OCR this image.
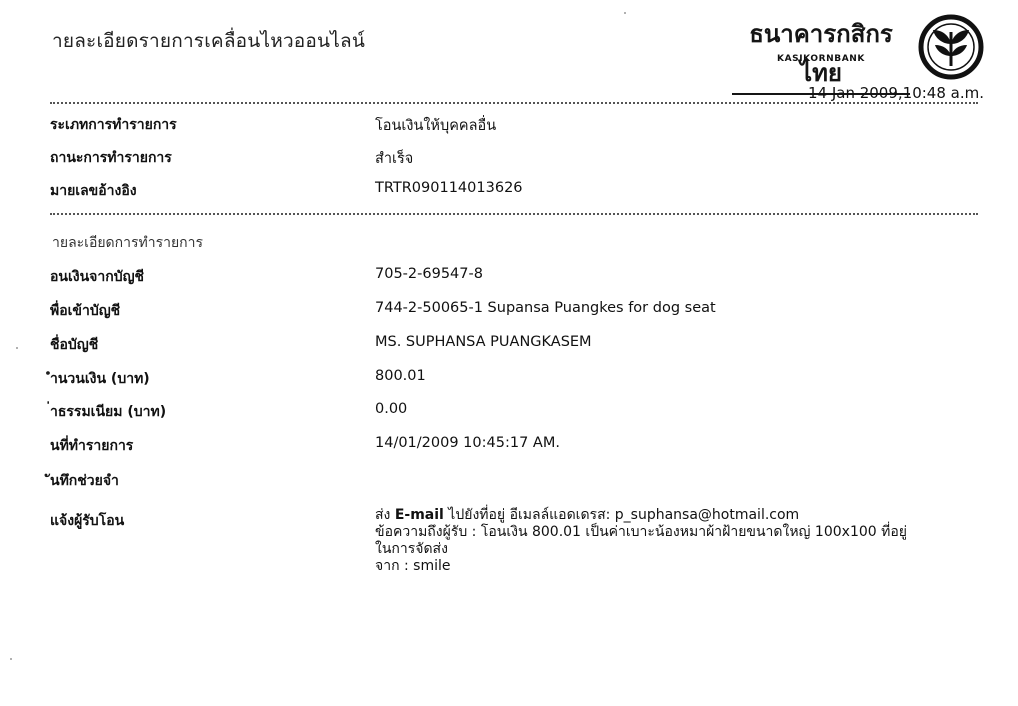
ายละเอียดรายการเคลื่อนไหวออนไลน์	ธนาคารกสิกรไทย
KASIKORNBANK
14 Jan 2009,10:48 a.m.
ระเภทการทำรายการ	โอนเงินให้บุคคลอื่น
ถานะการทำรายการ	สำเร็จ
มายเลขอ้างอิง	TRTR090114013626
ายละเอียดการทำรายการ
อนเงินจากบัญชี	705-2-69547-8
พื่อเข้าบัญชี	744-2-50065-1 Supansa Puangkes for dog seat
ชื่อบัญชี	MS. SUPHANSA PUANGKASEM
ำนวนเงิน (บาท)	800.01
่าธรรมเนียม (บาท)	0.00
นที่ทำรายการ	14/01/2009 10:45:17 AM.
ันทึกช่วยจำ
แจ้งผู้รับโอน	ส่ง E-mail ไปยังที่อยู่ อีเมลล์แอดเดรส: p_suphansa@hotmail.com
ข้อความถึงผู้รับ : โอนเงิน 800.01 เป็นค่าเบาะน้องหมาผ้าฝ้ายขนาดใหญ่ 100x100 ที่อยู่
ในการจัดส่ง
จาก : smile
